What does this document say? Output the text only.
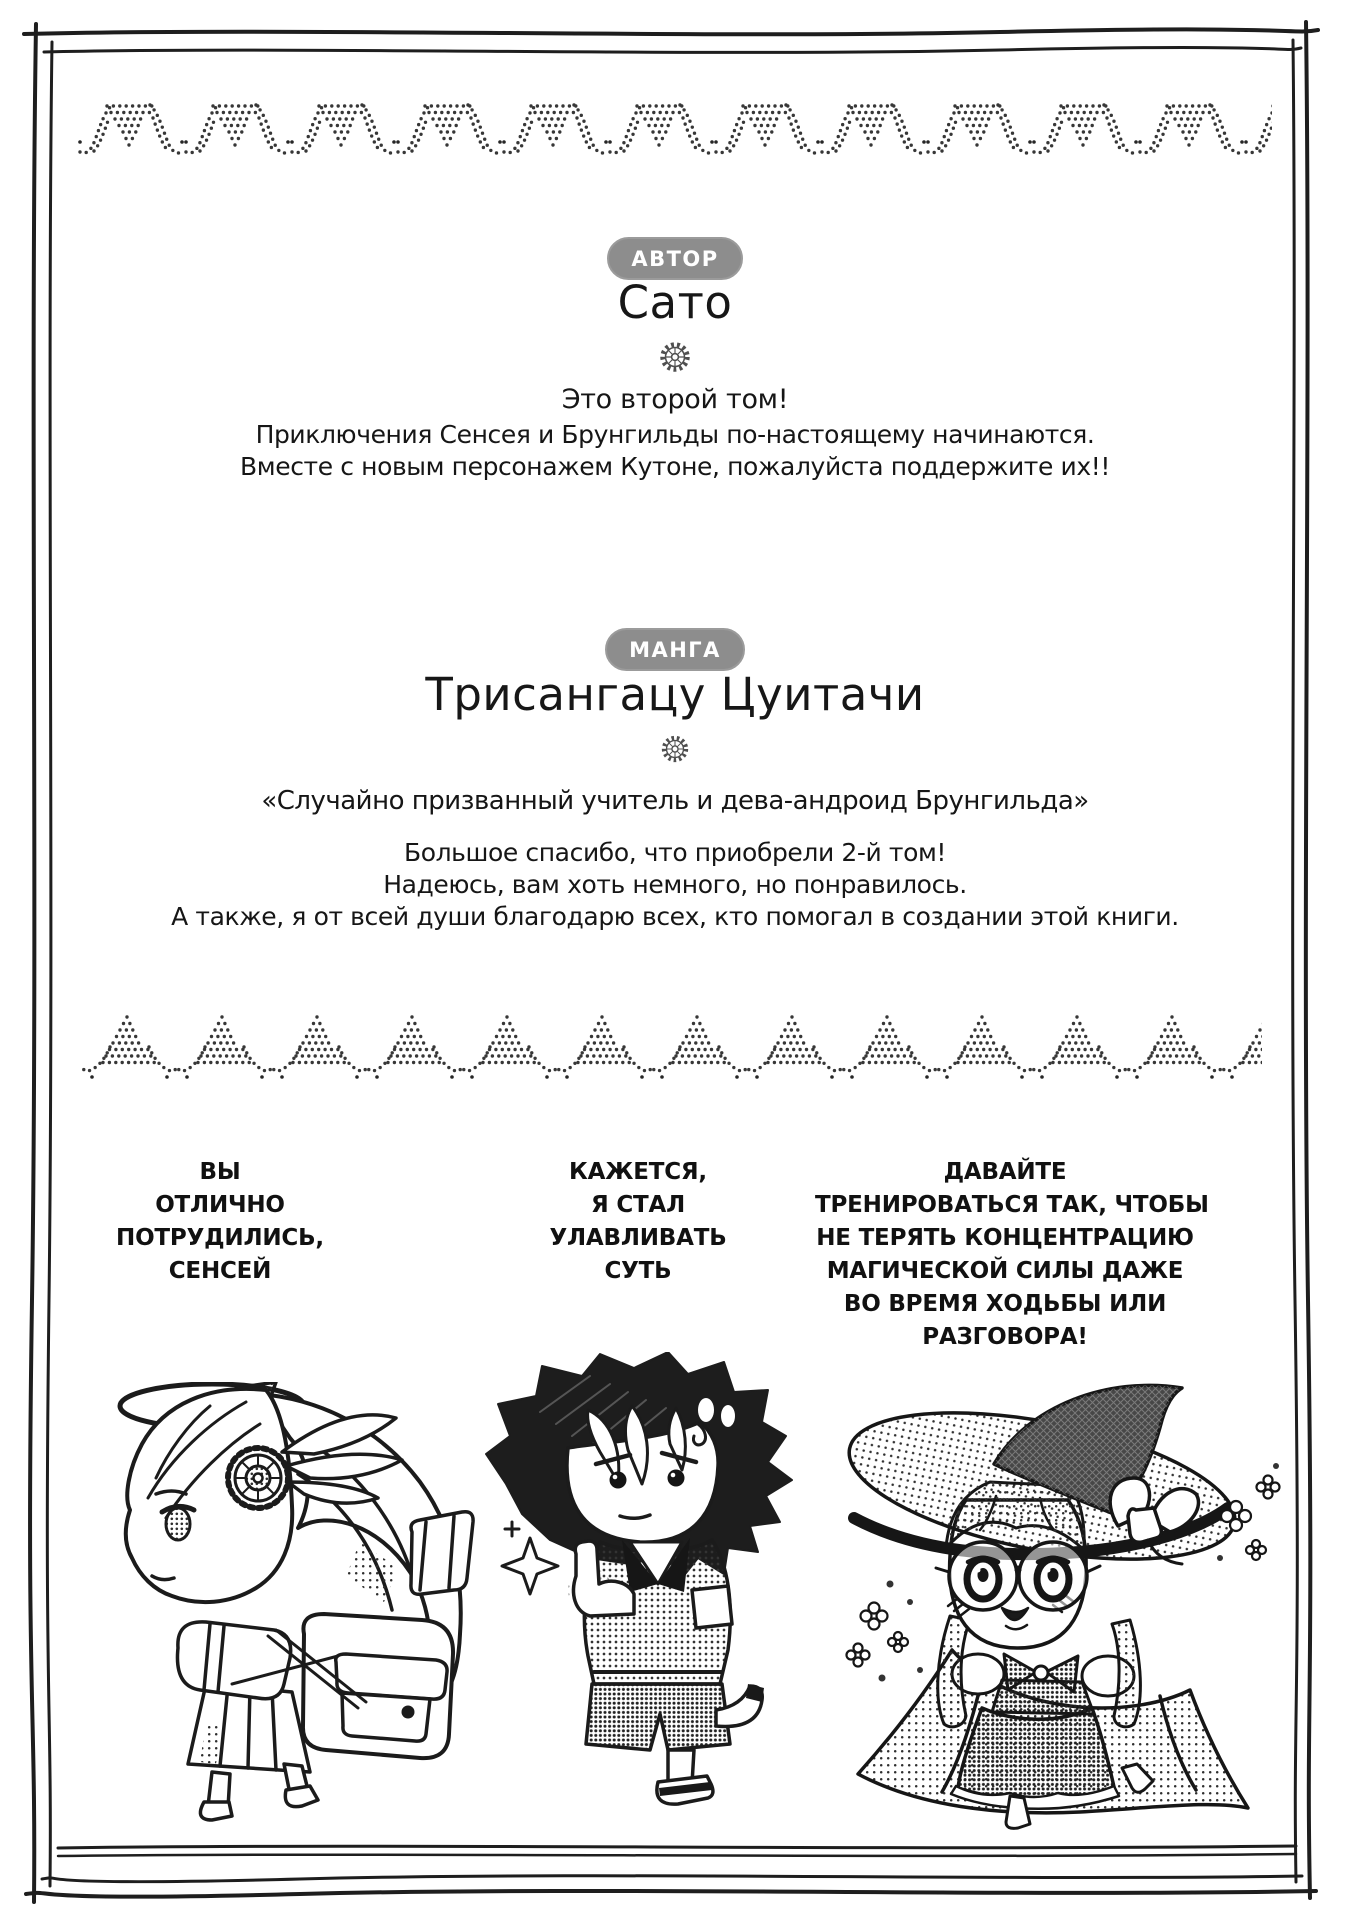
АВТОР
Сато
Это второй том!
Приключения Сенсея и Брунгильды по-настоящему начинаются.
Вместе с новым персонажем Кутоне, пожалуйста поддержите их!!
МАНГА
Трисангацу Цуитачи
«Случайно призванный учитель и дева-андроид Брунгильда»
Большое спасибо, что приобрели 2-й том!
Надеюсь, вам хоть немного, но понравилось.
А также, я от всей души благодарю всех, кто помогал в создании этой книги.
ВЫ
ОТЛИЧНО
ПОТРУДИЛИСЬ,
СЕНСЕЙ
КАЖЕТСЯ,
Я СТАЛ
УЛАВЛИВАТЬ
СУТЬ
ДАВАЙТЕ
ТРЕНИРОВАТЬСЯ ТАК, ЧТОБЫ
НЕ ТЕРЯТЬ КОНЦЕНТРАЦИЮ
МАГИЧЕСКОЙ СИЛЫ ДАЖЕ
ВО ВРЕМЯ ХОДЬБЫ ИЛИ
РАЗГОВОРА!
